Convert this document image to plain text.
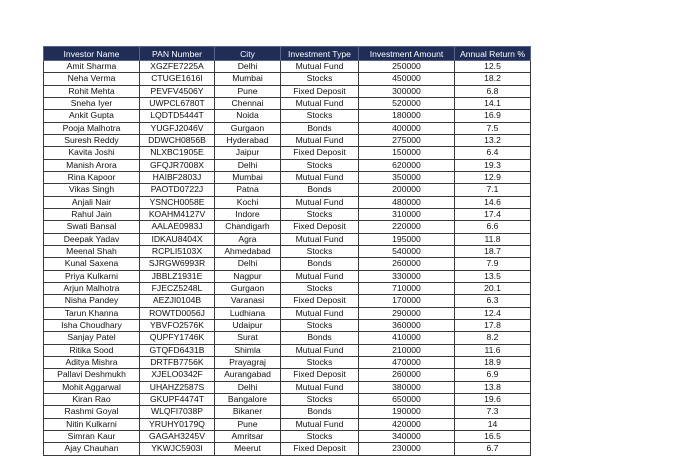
Investor Name	PAN Number	City	Investment Type	Investment Amount	Annual Return %
Amit Sharma	XGZFE7225A	Delhi	Mutual Fund	250000	12.5
Neha Verma	CTUGE1616I	Mumbai	Stocks	450000	18.2
Rohit Mehta	PEVFV4506Y	Pune	Fixed Deposit	300000	6.8
Sneha Iyer	UWPCL6780T	Chennai	Mutual Fund	520000	14.1
Ankit Gupta	LQDTD5444T	Noida	Stocks	180000	16.9
Pooja Malhotra	YUGFJ2046V	Gurgaon	Bonds	400000	7.5
Suresh Reddy	DDWCH0856B	Hyderabad	Mutual Fund	275000	13.2
Kavita Joshi	NLXBC1905E	Jaipur	Fixed Deposit	150000	6.4
Manish Arora	GFQJR7008X	Delhi	Stocks	620000	19.3
Rina Kapoor	HAIBF2803J	Mumbai	Mutual Fund	350000	12.9
Vikas Singh	PAOTD0722J	Patna	Bonds	200000	7.1
Anjali Nair	YSNCH0058E	Kochi	Mutual Fund	480000	14.6
Rahul Jain	KOAHM4127V	Indore	Stocks	310000	17.4
Swati Bansal	AALAE0983J	Chandigarh	Fixed Deposit	220000	6.6
Deepak Yadav	IDKAU8404X	Agra	Mutual Fund	195000	11.8
Meenal Shah	RCPLI5103X	Ahmedabad	Stocks	540000	18.7
Kunal Saxena	SJRGW6993R	Delhi	Bonds	260000	7.9
Priya Kulkarni	JBBLZ1931E	Nagpur	Mutual Fund	330000	13.5
Arjun Malhotra	FJECZ5248L	Gurgaon	Stocks	710000	20.1
Nisha Pandey	AEZJI0104B	Varanasi	Fixed Deposit	170000	6.3
Tarun Khanna	ROWTD0056J	Ludhiana	Mutual Fund	290000	12.4
Isha Choudhary	YBVFO2576K	Udaipur	Stocks	360000	17.8
Sanjay Patel	QUPFY1746K	Surat	Bonds	410000	8.2
Ritika Sood	GTQFD6431B	Shimla	Mutual Fund	210000	11.6
Aditya Mishra	DRTFB7756K	Prayagraj	Stocks	470000	18.9
Pallavi Deshmukh	XJELO0342F	Aurangabad	Fixed Deposit	260000	6.9
Mohit Aggarwal	UHAHZ2587S	Delhi	Mutual Fund	380000	13.8
Kiran Rao	GKUPF4474T	Bangalore	Stocks	650000	19.6
Rashmi Goyal	WLQFI7038P	Bikaner	Bonds	190000	7.3
Nitin Kulkarni	YRUHY0179Q	Pune	Mutual Fund	420000	14
Simran Kaur	GAGAH3245V	Amritsar	Stocks	340000	16.5
Ajay Chauhan	YKWJC5903I	Meerut	Fixed Deposit	230000	6.7
